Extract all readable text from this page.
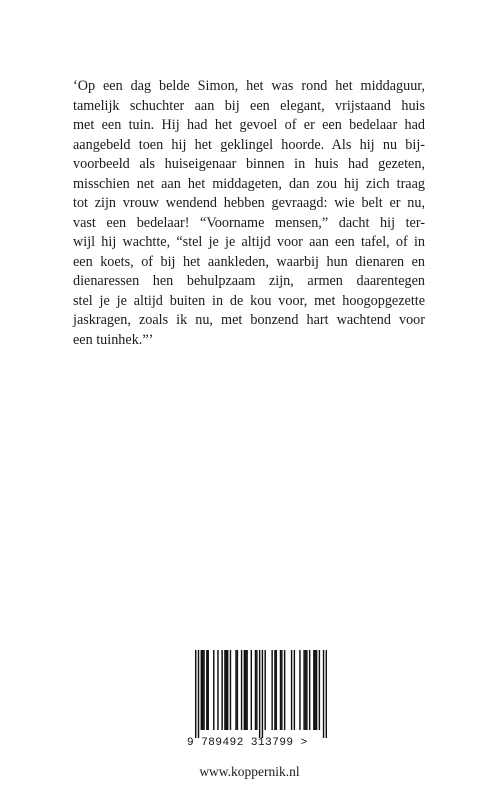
‘Op een dag belde Simon, het was rond het middaguur,
tamelijk schuchter aan bij een elegant, vrijstaand huis
met een tuin. Hij had het gevoel of er een bedelaar had
aangebeld toen hij het geklingel hoorde. Als hij nu bij-
voorbeeld als huiseigenaar binnen in huis had gezeten,
misschien net aan het middageten, dan zou hij zich traag
tot zijn vrouw wendend hebben gevraagd: wie belt er nu,
vast een bedelaar! “Voorname mensen,” dacht hij ter-
wijl hij wachtte, “stel je je altijd voor aan een tafel, of in
een koets, of bij het aankleden, waarbij hun dienaren en
dienaressen hen behulpzaam zijn, armen daarentegen
stel je je altijd buiten in de kou voor, met hoogopgezette
jaskragen, zoals ik nu, met bonzend hart wachtend voor
een tuinhek.”’
9 789492 313799 >
www.koppernik.nl
